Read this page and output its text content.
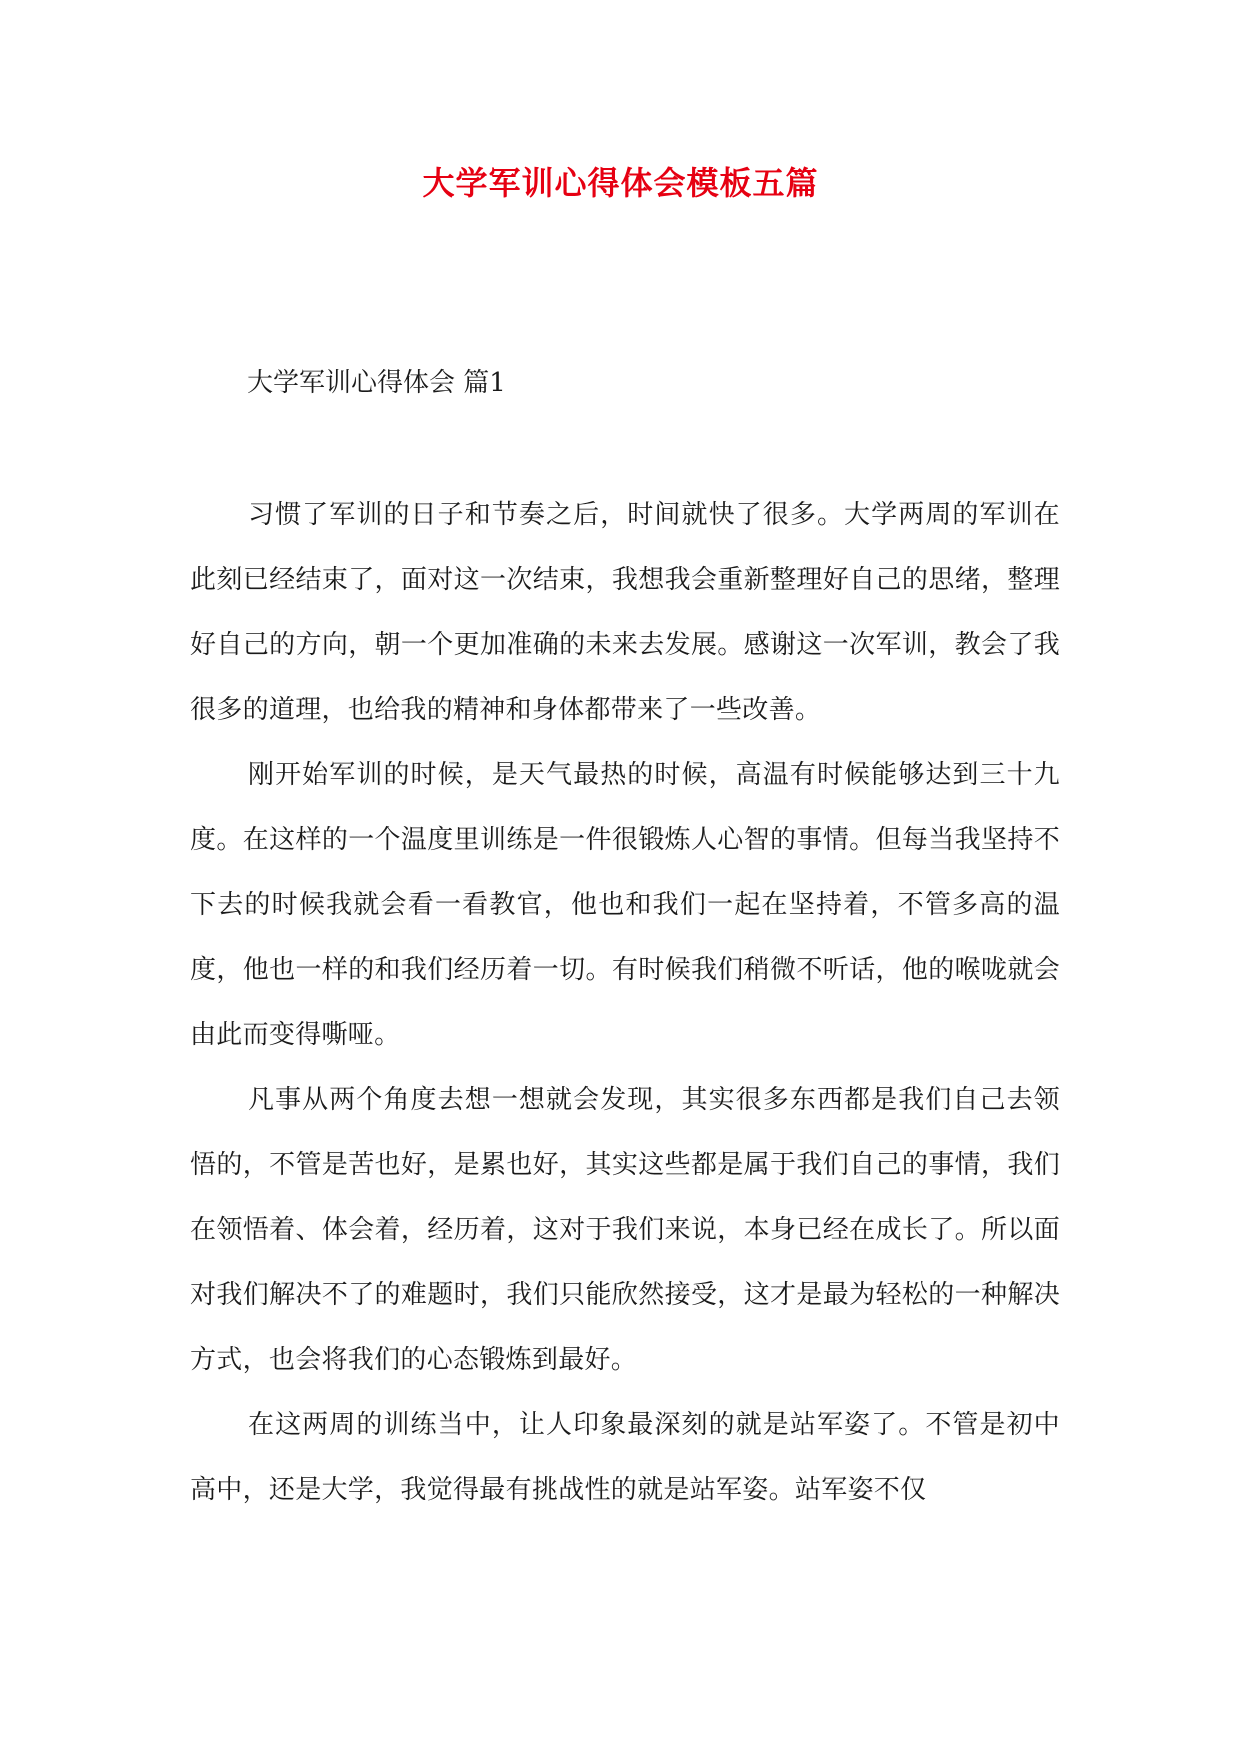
大学军训心得体会模板五篇
大学军训心得体会 篇1

习惯了军训的日子和节奏之后，时间就快了很多。大学两周的军训在此刻已经结束了，面对这一次结束，我想我会重新整理好自己的思绪，整理好自己的方向，朝一个更加准确的未来去发展。感谢这一次军训，教会了我很多的道理，也给我的精神和身体都带来了一些改善。

刚开始军训的时候，是天气最热的时候，高温有时候能够达到三十九度。在这样的一个温度里训练是一件很锻炼人心智的事情。但每当我坚持不下去的时候我就会看一看教官，他也和我们一起在坚持着，不管多高的温度，他也一样的和我们经历着一切。有时候我们稍微不听话，他的喉咙就会由此而变得嘶哑。

凡事从两个角度去想一想就会发现，其实很多东西都是我们自己去领悟的，不管是苦也好，是累也好，其实这些都是属于我们自己的事情，我们在领悟着、体会着，经历着，这对于我们来说，本身已经在成长了。所以面对我们解决不了的难题时，我们只能欣然接受，这才是最为轻松的一种解决方式，也会将我们的心态锻炼到最好。

在这两周的训练当中，让人印象最深刻的就是站军姿了。不管是初中高中，还是大学，我觉得最有挑战性的就是站军姿。站军姿不仅
